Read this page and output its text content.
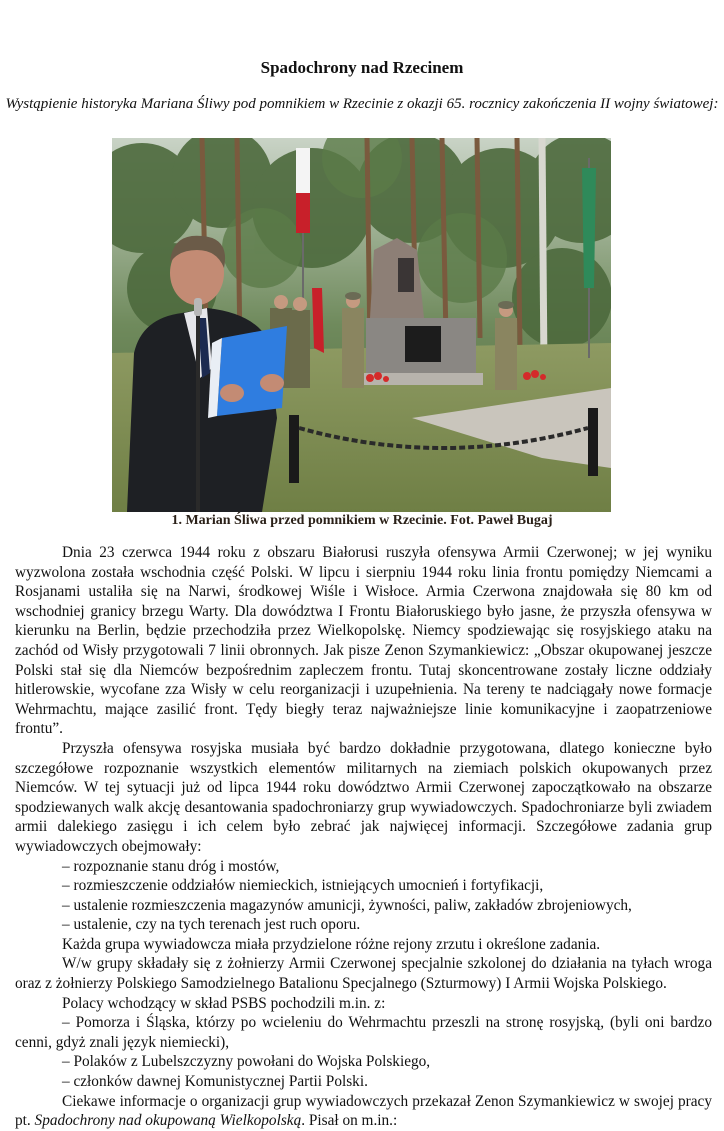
Spadochrony nad Rzecinem
Wystąpienie historyka Mariana Śliwy pod pomnikiem w Rzecinie z okazji 65. rocznicy zakończenia II wojny światowej:
1. Marian Śliwa przed pomnikiem w Rzecinie. Fot. Paweł Bugaj

Dnia 23 czerwca 1944 roku z obszaru Białorusi ruszyła ofensywa Armii Czerwonej; w jej wyniku wyzwolona została wschodnia część Polski. W lipcu i sierpniu 1944 roku linia frontu pomiędzy Niemcami a Rosjanami ustaliła się na Narwi, środkowej Wiśle i Wisłoce. Armia Czerwona znajdowała się 80 km od wschodniej granicy brzegu Warty. Dla dowództwa I Frontu Białoruskiego było jasne, że przyszła ofensywa w kierunku na Berlin, będzie przechodziła przez Wielkopolskę. Niemcy spodziewając się rosyjskiego ataku na zachód od Wisły przygotowali 7 linii obronnych. Jak pisze Zenon Szymankiewicz: „Obszar okupowanej jeszcze Polski stał się dla Niemców bezpośrednim zapleczem frontu. Tutaj skoncentrowane zostały liczne oddziały hitlerowskie, wycofane zza Wisły w celu reorganizacji i uzupełnienia. Na tereny te nadciągały nowe formacje Wehrmachtu, mające zasilić front. Tędy biegły teraz najważniejsze linie komunikacyjne i zaopatrzeniowe frontu”.

Przyszła ofensywa rosyjska musiała być bardzo dokładnie przygotowana, dlatego konieczne było szczegółowe rozpoznanie wszystkich elementów militarnych na ziemiach polskich okupowanych przez Niemców. W tej sytuacji już od lipca 1944 roku dowództwo Armii Czerwonej zapoczątkowało na obszarze spodziewanych walk akcję desantowania spadochroniarzy grup wywiadowczych. Spadochroniarze byli zwiadem armii dalekiego zasięgu i ich celem było zebrać jak najwięcej informacji. Szczegółowe zadania grup wywiadowczych obejmowały:

– rozpoznanie stanu dróg i mostów,

– rozmieszczenie oddziałów niemieckich, istniejących umocnień i fortyfikacji,

– ustalenie rozmieszczenia magazynów amunicji, żywności, paliw, zakładów zbrojeniowych,

– ustalenie, czy na tych terenach jest ruch oporu.

Każda grupa wywiadowcza miała przydzielone różne rejony zrzutu i określone zadania.

W/w grupy składały się z żołnierzy Armii Czerwonej specjalnie szkolonej do działania na tyłach wroga oraz z żołnierzy Polskiego Samodzielnego Batalionu Specjalnego (Szturmowy) I Armii Wojska Polskiego.

Polacy wchodzący w skład PSBS pochodzili m.in. z:

– Pomorza i Śląska, którzy po wcieleniu do Wehrmachtu przeszli na stronę rosyjską, (byli oni bardzo cenni, gdyż znali język niemiecki),

– Polaków z Lubelszczyzny powołani do Wojska Polskiego,

– członków dawnej Komunistycznej Partii Polski.

Ciekawe informacje o organizacji grup wywiadowczych przekazał Zenon Szymankiewicz w swojej pracy pt. Spadochrony nad okupowaną Wielkopolską. Pisał on m.in.:
